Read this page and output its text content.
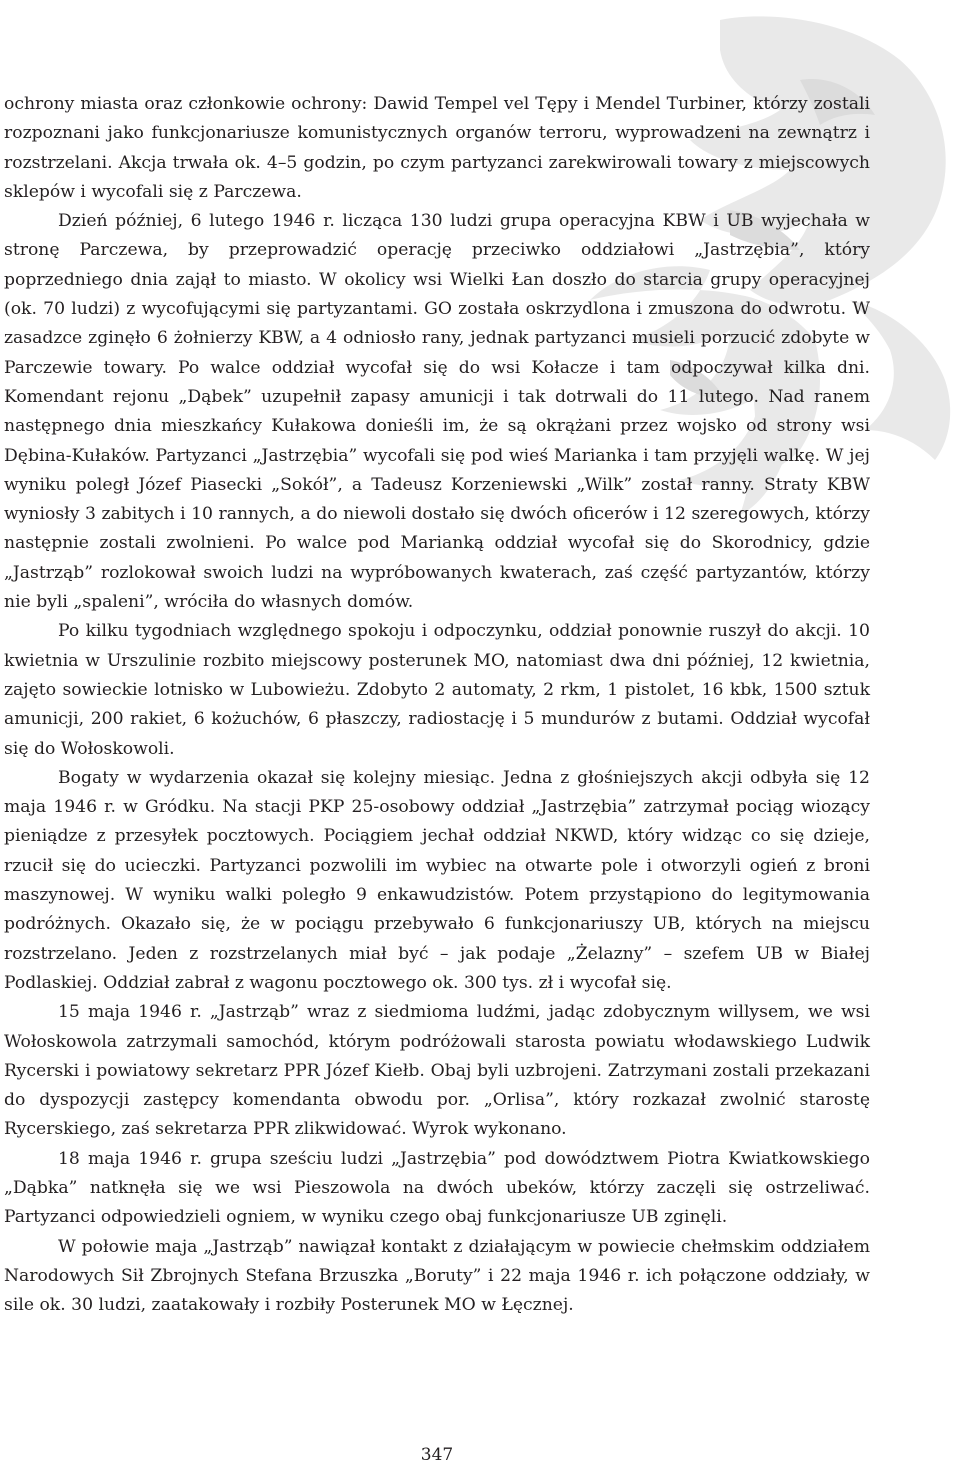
ochrony miasta oraz członkowie ochrony: Dawid Tempel vel Tępy i Mendel Turbiner, którzy zostali rozpoznani jako funkcjonariusze komunistycznych organów terroru, wyprowadzeni na zewnątrz i rozstrzelani. Akcja trwała ok. 4–5 godzin, po czym partyzanci zarekwirowali towary z miejscowych sklepów i wycofali się z Parczewa.

Dzień później, 6 lutego 1946 r. licząca 130 ludzi grupa operacyjna KBW i UB wyjechała w stronę Parczewa, by przeprowadzić operację przeciwko oddziałowi „Jastrzębia”, który poprzedniego dnia zajął to miasto. W okolicy wsi Wielki Łan doszło do starcia grupy operacyjnej (ok. 70 ludzi) z wycofującymi się partyzantami. GO została oskrzydlona i zmuszona do odwrotu. W zasadzce zginęło 6 żołnierzy KBW, a 4 odniosło rany, jednak partyzanci musieli porzucić zdobyte w Parczewie towary. Po walce oddział wycofał się do wsi Kołacze i tam odpoczywał kilka dni. Komendant rejonu „Dąbek” uzupełnił zapasy amunicji i tak dotrwali do 11 lutego. Nad ranem następnego dnia mieszkańcy Kułakowa donieśli im, że są okrążani przez wojsko od strony wsi Dębina-Kułaków. Partyzanci „Jastrzębia” wycofali się pod wieś Marianka i tam przyjęli walkę. W jej wyniku poległ Józef Piasecki „Sokół”, a Tadeusz Korzeniewski „Wilk” został ranny. Straty KBW wyniosły 3 zabitych i 10 rannych, a do niewoli dostało się dwóch oficerów i 12 szeregowych, którzy następnie zostali zwolnieni. Po walce pod Marianką oddział wycofał się do Skorodnicy, gdzie „Jastrząb” rozlokował swoich ludzi na wypróbowanych kwaterach, zaś część partyzantów, którzy nie byli „spaleni”, wróciła do własnych domów.

Po kilku tygodniach względnego spokoju i odpoczynku, oddział ponownie ruszył do akcji. 10 kwietnia w Urszulinie rozbito miejscowy posterunek MO, natomiast dwa dni później, 12 kwietnia, zajęto sowieckie lotnisko w Lubowieżu. Zdobyto 2 automaty, 2 rkm, 1 pistolet, 16 kbk, 1500 sztuk amunicji, 200 rakiet, 6 kożuchów, 6 płaszczy, radiostację i 5 mundurów z butami. Oddział wycofał się do Wołoskowoli.

Bogaty w wydarzenia okazał się kolejny miesiąc. Jedna z głośniejszych akcji odbyła się 12 maja 1946 r. w Gródku. Na stacji PKP 25-osobowy oddział „Jastrzębia” zatrzymał pociąg wiozący pieniądze z przesyłek pocztowych. Pociągiem jechał oddział NKWD, który widząc co się dzieje, rzucił się do ucieczki. Partyzanci pozwolili im wybiec na otwarte pole i otworzyli ogień z broni maszynowej. W wyniku walki poległo 9 enkawudzistów. Potem przystąpiono do legitymowania podróżnych. Okazało się, że w pociągu przebywało 6 funkcjonariuszy UB, których na miejscu rozstrzelano. Jeden z rozstrzelanych miał być – jak podaje „Żelazny” – szefem UB w Białej Podlaskiej. Oddział zabrał z wagonu pocztowego ok. 300 tys. zł i wycofał się.

15 maja 1946 r. „Jastrząb” wraz z siedmioma ludźmi, jadąc zdobycznym willysem, we wsi Wołoskowola zatrzymali samochód, którym podróżowali starosta powiatu włodawskiego Ludwik Rycerski i powiatowy sekretarz PPR Józef Kiełb. Obaj byli uzbrojeni. Zatrzymani zostali przekazani do dyspozycji zastępcy komendanta obwodu por. „Orlisa”, który rozkazał zwolnić starostę Rycerskiego, zaś sekretarza PPR zlikwidować. Wyrok wykonano.

18 maja 1946 r. grupa sześciu ludzi „Jastrzębia” pod dowództwem Piotra Kwiatkowskiego „Dąbka” natknęła się we wsi Pieszowola na dwóch ubeków, którzy zaczęli się ostrzeliwać. Partyzanci odpowiedzieli ogniem, w wyniku czego obaj funkcjonariusze UB zginęli.

W połowie maja „Jastrząb” nawiązał kontakt z działającym w powiecie chełmskim oddziałem Narodowych Sił Zbrojnych Stefana Brzuszka „Boruty” i 22 maja 1946 r. ich połączone oddziały, w sile ok. 30 ludzi, zaatakowały i rozbiły Posterunek MO w Łęcznej.

347
